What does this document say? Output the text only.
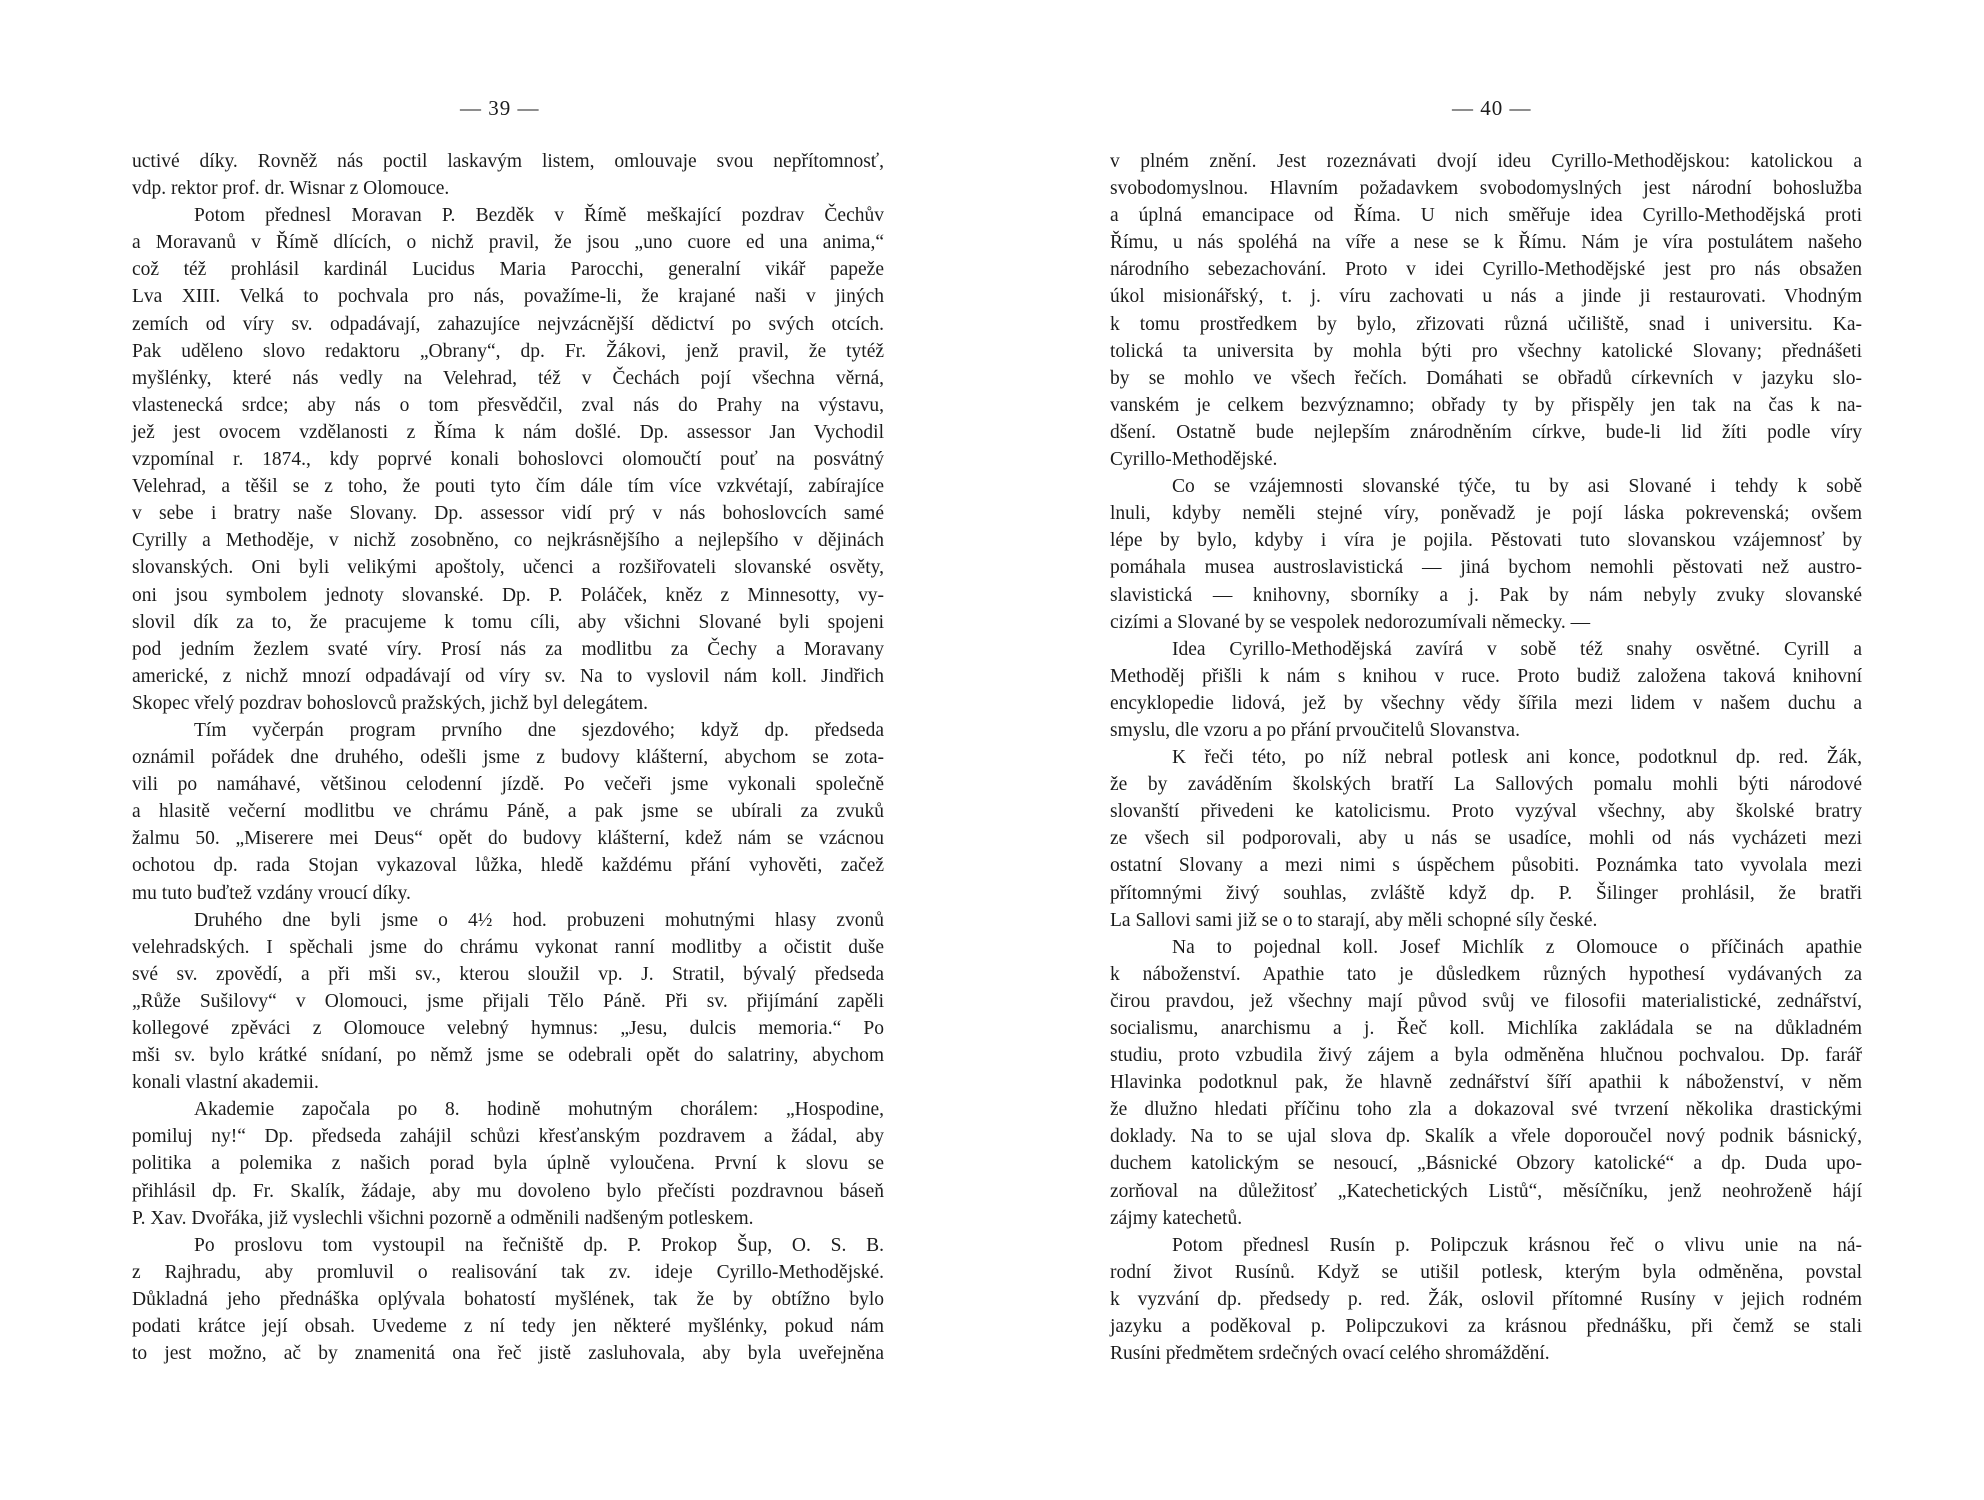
— 39 —
uctivé díky. Rovněž nás poctil laskavým listem, omlouvaje svou nepřítomnosť,
vdp. rektor prof. dr. Wisnar z Olomouce.
Potom přednesl Moravan P. Bezděk v Římě meškající pozdrav Čechův
a Moravanů v Římě dlících, o nichž pravil, že jsou „uno cuore ed una anima,“
což též prohlásil kardinál Lucidus Maria Parocchi, generalní vikář papeže
Lva XIII. Velká to pochvala pro nás, považíme-li, že krajané naši v jiných
zemích od víry sv. odpadávají, zahazujíce nejvzácnější dědictví po svých otcích.
Pak uděleno slovo redaktoru „Obrany“, dp. Fr. Žákovi, jenž pravil, že tytéž
myšlénky, které nás vedly na Velehrad, též v Čechách pojí všechna věrná,
vlastenecká srdce; aby nás o tom přesvědčil, zval nás do Prahy na výstavu,
jež jest ovocem vzdělanosti z Říma k nám došlé. Dp. assessor Jan Vychodil
vzpomínal r. 1874., kdy poprvé konali bohoslovci olomoučtí pouť na posvátný
Velehrad, a těšil se z toho, že pouti tyto čím dále tím více vzkvétají, zabírajíce
v sebe i bratry naše Slovany. Dp. assessor vidí prý v nás bohoslovcích samé
Cyrilly a Methoděje, v nichž zosobněno, co nejkrásnějšího a nejlepšího v dějinách
slovanských. Oni byli velikými apoštoly, učenci a rozšiřovateli slovanské osvěty,
oni jsou symbolem jednoty slovanské. Dp. P. Poláček, kněz z Minnesotty, vy-
slovil dík za to, že pracujeme k tomu cíli, aby všichni Slované byli spojeni
pod jedním žezlem svaté víry. Prosí nás za modlitbu za Čechy a Moravany
americké, z nichž mnozí odpadávají od víry sv. Na to vyslovil nám koll. Jindřich
Skopec vřelý pozdrav bohoslovců pražských, jichž byl delegátem.
Tím vyčerpán program prvního dne sjezdového; když dp. předseda
oznámil pořádek dne druhého, odešli jsme z budovy klášterní, abychom se zota-
vili po namáhavé, většinou celodenní jízdě. Po večeři jsme vykonali společně
a hlasitě večerní modlitbu ve chrámu Páně, a pak jsme se ubírali za zvuků
žalmu 50. „Miserere mei Deus“ opět do budovy klášterní, kdež nám se vzácnou
ochotou dp. rada Stojan vykazoval lůžka, hledě každému přání vyhověti, začež
mu tuto buďtež vzdány vroucí díky.
Druhého dne byli jsme o 4½ hod. probuzeni mohutnými hlasy zvonů
velehradských. I spěchali jsme do chrámu vykonat ranní modlitby a očistit duše
své sv. zpovědí, a při mši sv., kterou sloužil vp. J. Stratil, bývalý předseda
„Růže Sušilovy“ v Olomouci, jsme přijali Tělo Páně. Při sv. přijímání zapěli
kollegové zpěváci z Olomouce velebný hymnus: „Jesu, dulcis memoria.“ Po
mši sv. bylo krátké snídaní, po němž jsme se odebrali opět do salatriny, abychom
konali vlastní akademii.
Akademie započala po 8. hodině mohutným chorálem: „Hospodine,
pomiluj ny!“ Dp. předseda zahájil schůzi křesťanským pozdravem a žádal, aby
politika a polemika z našich porad byla úplně vyloučena. První k slovu se
přihlásil dp. Fr. Skalík, žádaje, aby mu dovoleno bylo přečísti pozdravnou báseň
P. Xav. Dvořáka, již vyslechli všichni pozorně a odměnili nadšeným potleskem.
Po proslovu tom vystoupil na řečniště dp. P. Prokop Šup, O. S. B.
z Rajhradu, aby promluvil o realisování tak zv. ideje Cyrillo-Methodějské.
Důkladná jeho přednáška oplývala bohatostí myšlének, tak že by obtížno bylo
podati krátce její obsah. Uvedeme z ní tedy jen některé myšlénky, pokud nám
to jest možno, ač by znamenitá ona řeč jistě zasluhovala, aby byla uveřejněna
— 40 —
v plném znění. Jest rozeznávati dvojí ideu Cyrillo-Methodějskou: katolickou a
svobodomyslnou. Hlavním požadavkem svobodomyslných jest národní bohoslužba
a úplná emancipace od Říma. U nich směřuje idea Cyrillo-Methodějská proti
Římu, u nás spoléhá na víře a nese se k Římu. Nám je víra postulátem našeho
národního sebezachování. Proto v idei Cyrillo-Methodějské jest pro nás obsažen
úkol misionářský, t. j. víru zachovati u nás a jinde ji restaurovati. Vhodným
k tomu prostředkem by bylo, zřizovati různá učiliště, snad i universitu. Ka-
tolická ta universita by mohla býti pro všechny katolické Slovany; přednášeti
by se mohlo ve všech řečích. Domáhati se obřadů církevních v jazyku slo-
vanském je celkem bezvýznamno; obřady ty by přispěly jen tak na čas k na-
dšení. Ostatně bude nejlepším znárodněním církve, bude-li lid žíti podle víry
Cyrillo-Methodějské.
Co se vzájemnosti slovanské týče, tu by asi Slované i tehdy k sobě
lnuli, kdyby neměli stejné víry, poněvadž je pojí láska pokrevenská; ovšem
lépe by bylo, kdyby i víra je pojila. Pěstovati tuto slovanskou vzájemnosť by
pomáhala musea austroslavistická — jiná bychom nemohli pěstovati než austro-
slavistická — knihovny, sborníky a j. Pak by nám nebyly zvuky slovanské
cizími a Slované by se vespolek nedorozumívali německy. —
Idea Cyrillo-Methodějská zavírá v sobě též snahy osvětné. Cyrill a
Methoděj přišli k nám s knihou v ruce. Proto budiž založena taková knihovní
encyklopedie lidová, jež by všechny vědy šířila mezi lidem v našem duchu a
smyslu, dle vzoru a po přání prvoučitelů Slovanstva.
K řeči této, po níž nebral potlesk ani konce, podotknul dp. red. Žák,
že by zaváděním školských bratří La Sallových pomalu mohli býti národové
slovanští přivedeni ke katolicismu. Proto vyzýval všechny, aby školské bratry
ze všech sil podporovali, aby u nás se usadíce, mohli od nás vycházeti mezi
ostatní Slovany a mezi nimi s úspěchem působiti. Poznámka tato vyvolala mezi
přítomnými živý souhlas, zvláště když dp. P. Šilinger prohlásil, že bratři
La Sallovi sami již se o to starají, aby měli schopné síly české.
Na to pojednal koll. Josef Michlík z Olomouce o příčinách apathie
k náboženství. Apathie tato je důsledkem různých hypothesí vydávaných za
čirou pravdou, jež všechny mají původ svůj ve filosofii materialistické, zednářství,
socialismu, anarchismu a j. Řeč koll. Michlíka zakládala se na důkladném
studiu, proto vzbudila živý zájem a byla odměněna hlučnou pochvalou. Dp. farář
Hlavinka podotknul pak, že hlavně zednářství šíří apathii k náboženství, v něm
že dlužno hledati příčinu toho zla a dokazoval své tvrzení několika drastickými
doklady. Na to se ujal slova dp. Skalík a vřele doporoučel nový podnik básnický,
duchem katolickým se nesoucí, „Básnické Obzory katolické“ a dp. Duda upo-
zorňoval na důležitosť „Katechetických Listů“, měsíčníku, jenž neohroženě hájí
zájmy katechetů.
Potom přednesl Rusín p. Polipczuk krásnou řeč o vlivu unie na ná-
rodní život Rusínů. Když se utišil potlesk, kterým byla odměněna, povstal
k vyzvání dp. předsedy p. red. Žák, oslovil přítomné Rusíny v jejich rodném
jazyku a poděkoval p. Polipczukovi za krásnou přednášku, při čemž se stali
Rusíni předmětem srdečných ovací celého shromáždění.
